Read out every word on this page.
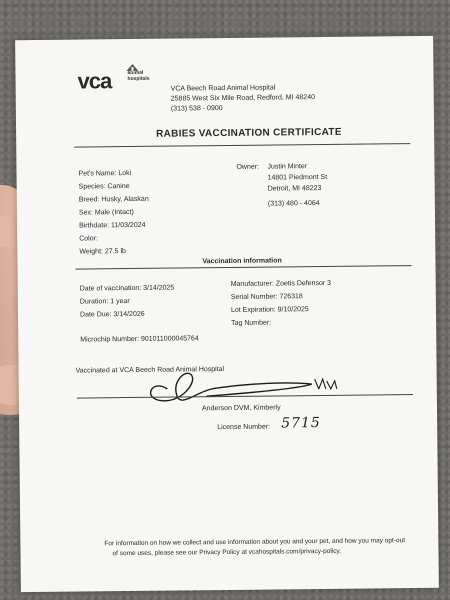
vca	animal
hospitals
VCA Beech Road Animal Hospital
25885 West Six Mile Road, Redford, MI 48240
(313) 538 - 0900
RABIES VACCINATION CERTIFICATE
Pet's Name: Loki
Species: Canine
Breed: Husky, Alaskan
Sex: Male (Intact)
Birthdate: 11/03/2024
Color:
Weight: 27.5 lb
Owner: Justin Minter
14801 Piedmont St
Detroit, MI 48223
(313) 480 - 4064
Vaccination information
Date of vaccination: 3/14/2025
Duration: 1 year
Date Due: 3/14/2026
Manufacturer: Zoetis Defensor 3
Serial Number: 726318
Lot Expiration: 9/10/2025
Tag Number:
Microchip Number: 901011000045764
Vaccinated at VCA Beech Road Animal Hospital
Anderson DVM, Kimberly
License Number: 5715
For information on how we collect and use information about you and your pet, and how you may opt-out
of some uses, please see our Privacy Policy at vcahospitals.com/privacy-policy.
